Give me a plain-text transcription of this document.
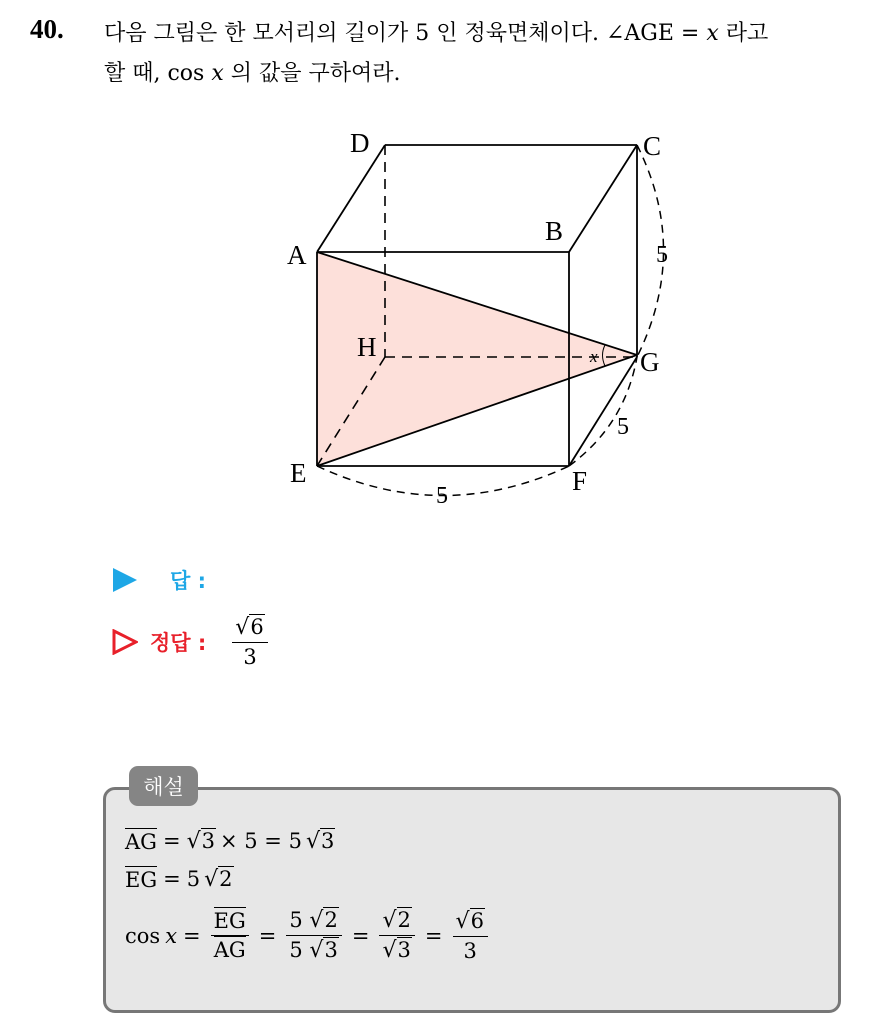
40. 다음 그림은 한 모서리의 길이가 5 인 정육면체이다. ∠AGE = x 라고
할 때, cos x 의 값을 구하여라.
D	C
B
A
H	G
E	F
x
5
5
5
답 :
정답 : $\frac{√6}{3}$
해설
AG = √3 × 5 = 5 √3
EG = 5 √2
$\cos x = \frac{EG}{AG} = \frac{5 √2}{5 √3} = \frac{√2}{√3} = \frac{√6}{3}$
